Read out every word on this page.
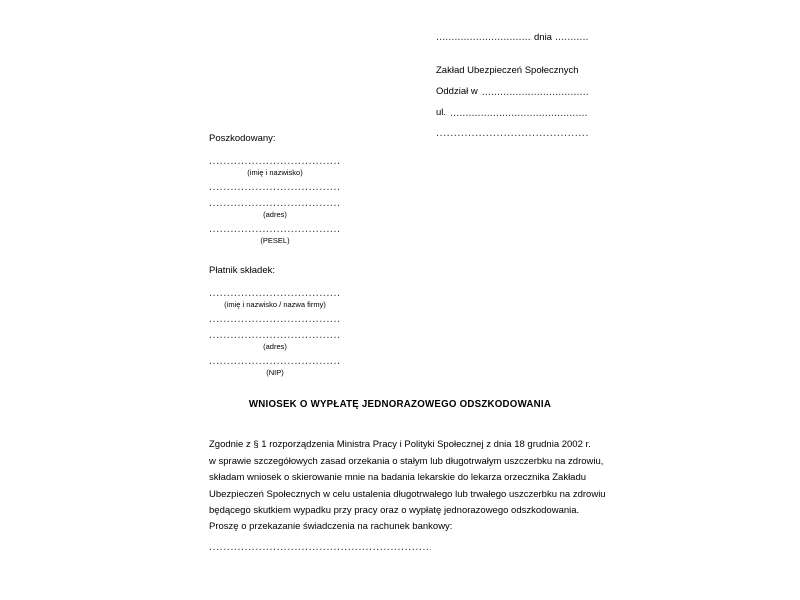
.......................................,
dnia
.....
Zakład Ubezpieczeń Społecznych
Oddział w
.....
ul.
.....
.....
Poszkodowany:
.....
(imię i nazwisko)
.....
.....
(adres)
.....
(PESEL)
Płatnik składek:
.....
(imię i nazwisko / nazwa firmy)
.....
.....
(adres)
.....
(NIP)
WNIOSEK O WYPŁATĘ JEDNORAZOWEGO ODSZKODOWANIA
Zgodnie z § 1 rozporządzenia Ministra Pracy i Polityki Społecznej z dnia 18 grudnia 2002 r.
w sprawie szczegółowych zasad orzekania o stałym lub długotrwałym uszczerbku na zdrowiu,
składam wniosek o skierowanie mnie na badania lekarskie do lekarza orzecznika Zakładu
Ubezpieczeń Społecznych w celu ustalenia długotrwałego lub trwałego uszczerbku na zdrowiu
będącego skutkiem wypadku przy pracy oraz o wypłatę jednorazowego odszkodowania.
Proszę o przekazanie świadczenia na rachunek bankowy:
.....
